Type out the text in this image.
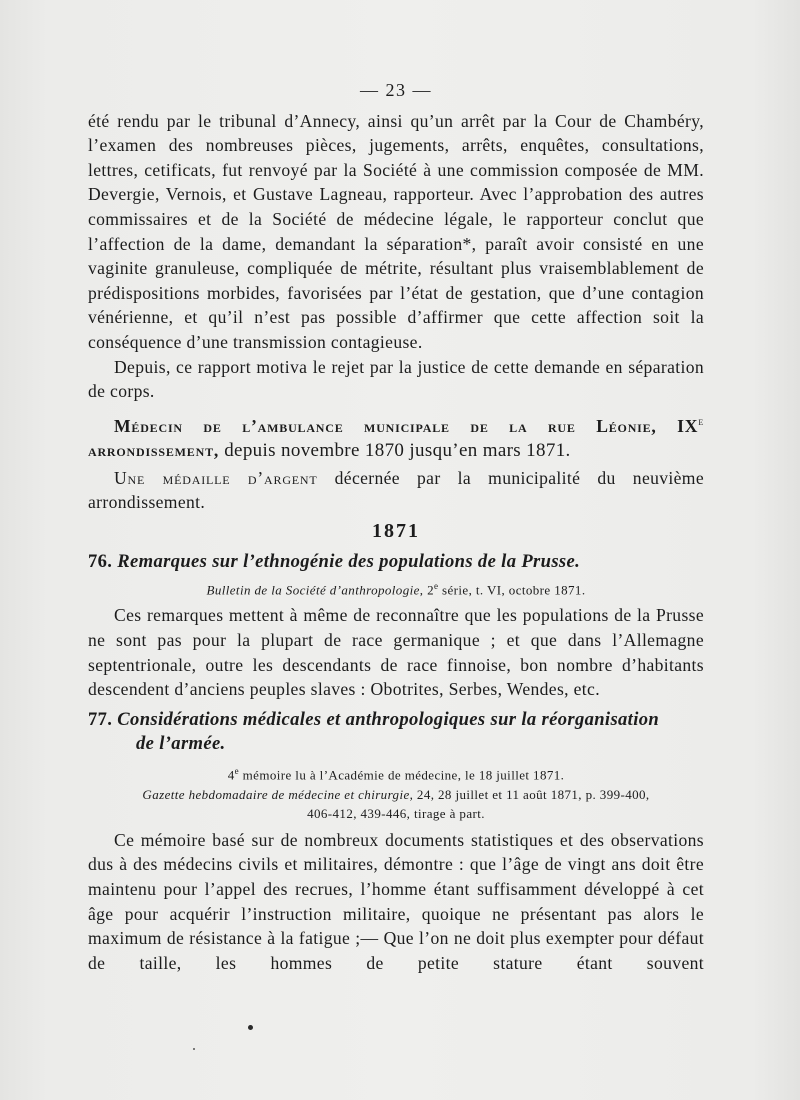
— 23 —

été rendu par le tribunal d’Annecy, ainsi qu’un arrêt par la Cour de Chambéry, l’examen des nombreuses pièces, jugements, arrêts, enquêtes, consultations, lettres, cetificats, fut renvoyé par la Société à une commission composée de MM. Devergie, Vernois, et Gustave Lagneau, rapporteur. Avec l’approbation des autres commissaires et de la Société de médecine légale, le rapporteur conclut que l’affection de la dame, demandant la séparation*, paraît avoir consisté en une vaginite granuleuse, compliquée de métrite, résultant plus vraisemblablement de prédispositions morbides, favorisées par l’état de gestation, que d’une contagion vénérienne, et qu’il n’est pas possible d’affirmer que cette affection soit la conséquence d’une transmission contagieuse.

Depuis, ce rapport motiva le rejet par la justice de cette demande en séparation de corps.

Médecin de l’ambulance municipale de la rue Léonie, IXe arrondissement, depuis novembre 1870 jusqu’en mars 1871.

Une médaille d’argent décernée par la municipalité du neuvième arrondissement.

1871
76. Remarques sur l’ethnogénie des populations de la Prusse.
Bulletin de la Société d’anthropologie, 2e série, t. VI, octobre 1871.

Ces remarques mettent à même de reconnaître que les populations de la Prusse ne sont pas pour la plupart de race germanique ; et que dans l’Allemagne septentrionale, outre les descendants de race finnoise, bon nombre d’habitants descendent d’anciens peuples slaves : Obotrites, Serbes, Wendes, etc.

77. Considérations médicales et anthropologiques sur la réorganisation
de l’armée.
4e mémoire lu à l’Académie de médecine, le 18 juillet 1871.
Gazette hebdomadaire de médecine et chirurgie, 24, 28 juillet et 11 août 1871, p. 399-400,
406-412, 439-446, tirage à part.

Ce mémoire basé sur de nombreux documents statistiques et des observations dus à des médecins civils et militaires, démontre : que l’âge de vingt ans doit être maintenu pour l’appel des recrues, l’homme étant suffisamment développé à cet âge pour acquérir l’instruction militaire, quoique ne présentant pas alors le maximum de résistance à la fatigue ;— Que l’on ne doit plus exempter pour défaut de taille, les hommes de petite stature étant souvent
